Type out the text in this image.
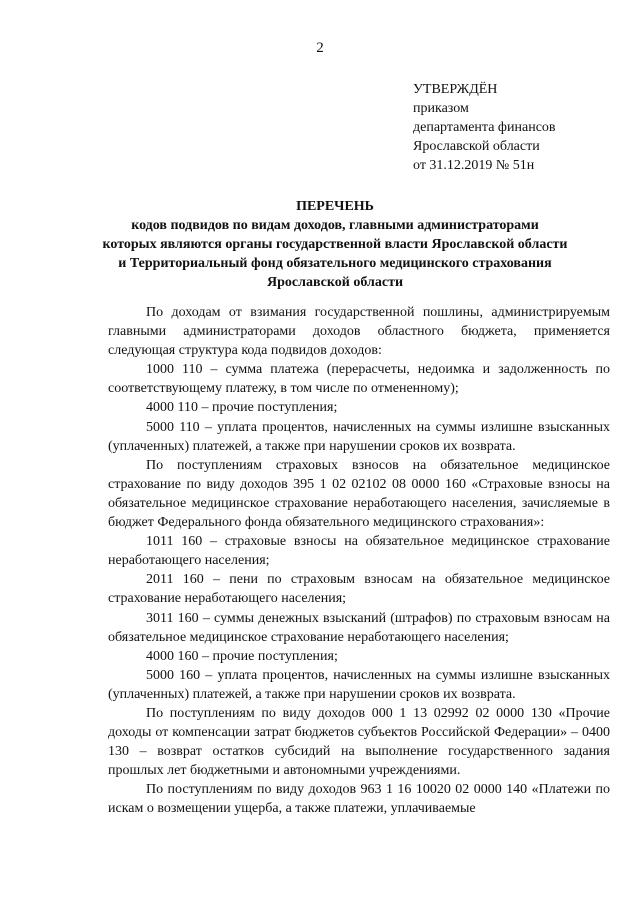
2
УТВЕРЖДЁН
приказом
департамента финансов
Ярославской области
от 31.12.2019 № 51н
ПЕРЕЧЕНЬ
кодов подвидов по видам доходов, главными администраторами
которых являются органы государственной власти Ярославской области
и Территориальный фонд обязательного медицинского страхования
Ярославской области

По доходам от взимания государственной пошлины, администрируемым главными администраторами доходов областного бюджета, применяется следующая структура кода подвидов доходов:

1000 110 – сумма платежа (перерасчеты, недоимка и задолженность по соответствующему платежу, в том числе по отмененному);

4000 110 – прочие поступления;

5000 110 – уплата процентов, начисленных на суммы излишне взысканных (уплаченных) платежей, а также при нарушении сроков их возврата.

По поступлениям страховых взносов на обязательное медицинское страхование по виду доходов 395 1 02 02102 08 0000 160 «Страховые взносы на обязательное медицинское страхование неработающего населения, зачисляемые в бюджет Федерального фонда обязательного медицинского страхования»:

1011 160 – страховые взносы на обязательное медицинское страхование неработающего населения;

2011 160 – пени по страховым взносам на обязательное медицинское страхование неработающего населения;

3011 160 – суммы денежных взысканий (штрафов) по страховым взносам на обязательное медицинское страхование неработающего населения;

4000 160 – прочие поступления;

5000 160 – уплата процентов, начисленных на суммы излишне взысканных (уплаченных) платежей, а также при нарушении сроков их возврата.

По поступлениям по виду доходов 000 1 13 02992 02 0000 130 «Прочие доходы от компенсации затрат бюджетов субъектов Российской Федерации» – 0400 130 – возврат остатков субсидий на выполнение государственного задания прошлых лет бюджетными и автономными учреждениями.

По поступлениям по виду доходов 963 1 16 10020 02 0000 140 «Платежи по искам о возмещении ущерба, а также платежи, уплачиваемые
